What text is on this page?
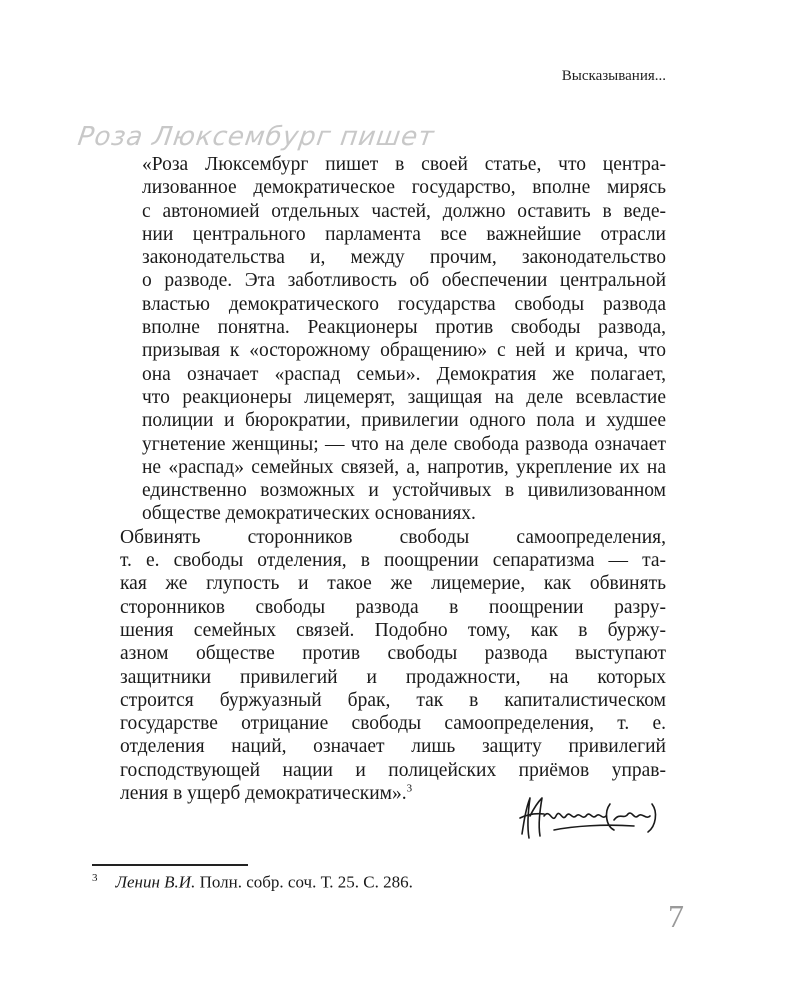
Высказывания...
Роза Люксембург пишет

«Роза Люксембург пишет в своей статье, что центра-
лизованное демократическое государство, вполне мирясь
с автономией отдельных частей, должно оставить в веде-
нии центрального парламента все важнейшие отрасли
законодательства и, между прочим, законодательство
о разводе. Эта заботливость об обеспечении центральной
властью демократического государства свободы развода
вполне понятна. Реакционеры против свободы развода,
призывая к «осторожному обращению» с ней и крича, что
она означает «распад семьи». Демократия же полагает,
что реакционеры лицемерят, защищая на деле всевластие
полиции и бюрократии, привилегии одного пола и худшее
угнетение женщины; — что на деле свобода развода означает
не «распад» семейных связей, а, напротив, укрепление их на
единственно возможных и устойчивых в цивилизованном
обществе демократических основаниях.

Обвинять сторонников свободы самоопределения,
т. е. свободы отделения, в поощрении сепаратизма — та-
кая же глупость и такое же лицемерие, как обвинять
сторонников свободы развода в поощрении разру-
шения семейных связей. Подобно тому, как в буржу-
азном обществе против свободы развода выступают
защитники привилегий и продажности, на которых
строится буржуазный брак, так в капиталистическом
государстве отрицание свободы самоопределения, т. е.
отделения наций, означает лишь защиту привилегий
господствующей нации и полицейских приёмов управ-
ления в ущерб демократическим».$^3$

$^3$ Ленин В.И. Полн. собр. соч. Т. 25. С. 286.
7
